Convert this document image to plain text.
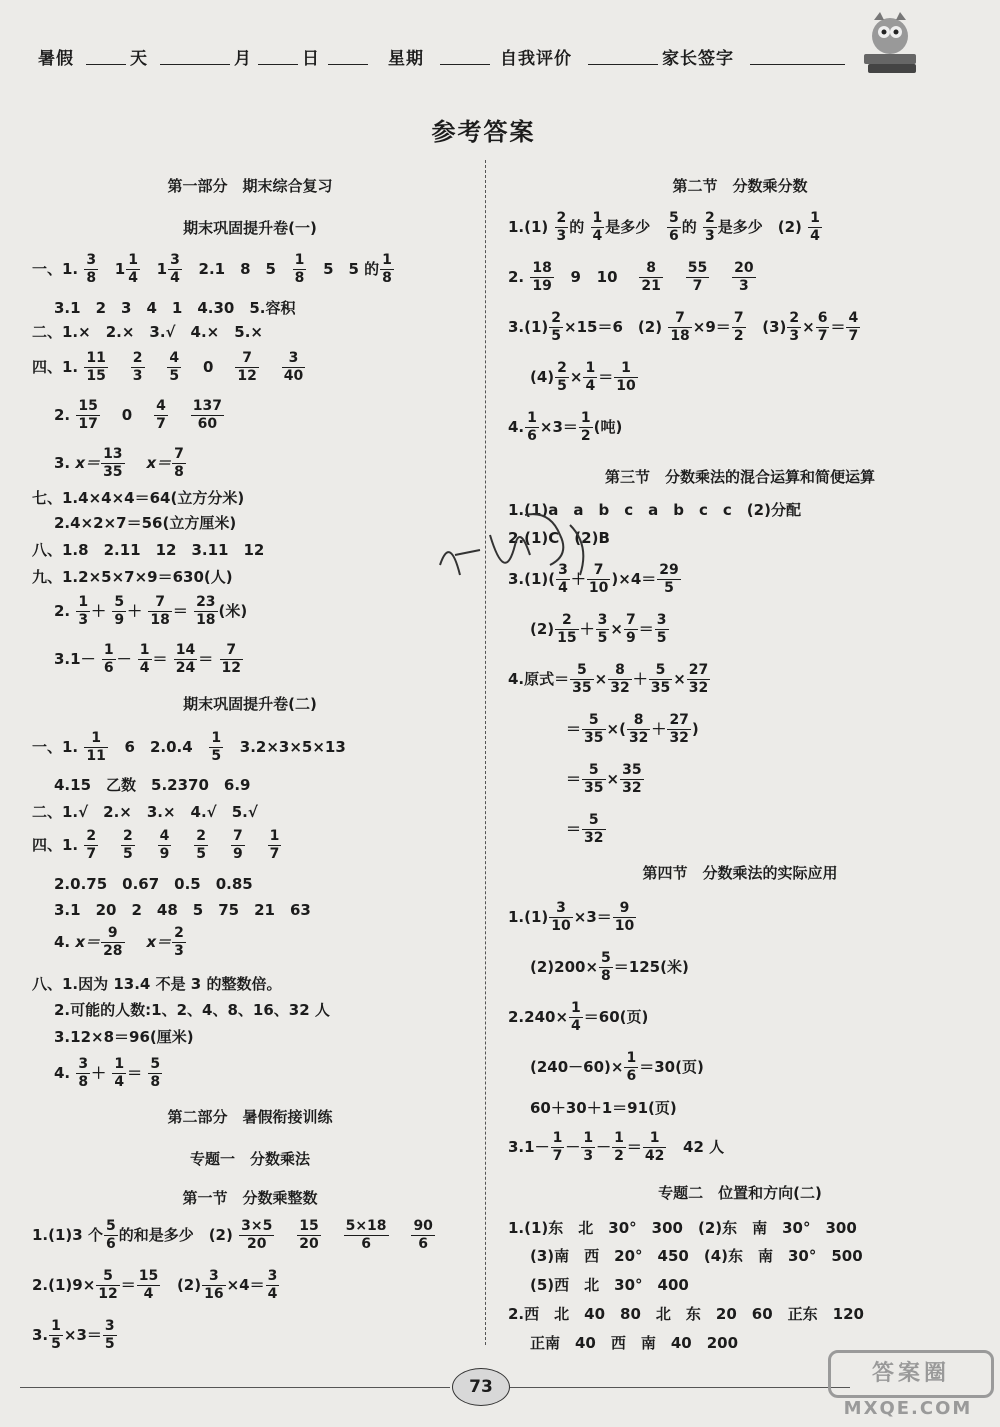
暑假	天	月	日	星期	自我评价	家长签字
参考答案
第一部分　期末综合复习
期末巩固提升卷(一)
一、1. $\frac{3}{8} 1 \frac{1}{4} 1 \frac{3}{4} 2.1$　8　$5 \frac{1}{8} 5$　5 的 $\frac{1}{8}$
3.1　2　3　4　1　4.30　5.容积
二、1.×　2.×　3.√　4.×　5.×
四、1. $\frac{11}{15}$
$\frac{2}{3}$
$\frac{4}{5} 0 \frac{7}{12}$
$\frac{3}{40}$
2. $\frac{15}{17} 0 \frac{4}{7}$
$\frac{137}{60}$
3. $x= \frac{13}{35} x= \frac{7}{8}$
七、1.4×4×4＝64(立方分米)
2.4×2×7＝56(立方厘米)
八、1.8　2.11　12　3.11　12
九、1.2×5×7×9＝630(人)
2. $\frac{1}{3} + \frac{5}{9} + \frac{7}{18} = \frac{23}{18}$ (米)
$3.1- \frac{1}{6} - \frac{1}{4} = \frac{14}{24} = \frac{7}{12}$
期末巩固提升卷(二)
一、1. $\frac{1}{11} 6$　$2.0.4 \frac{1}{5} 3.2\times 3\times 5\times 13$
4.15　乙数　5.2370　6.9
二、1.√　2.×　3.×　4.√　5.√
四、1. $\frac{2}{7}$
$\frac{2}{5}$
$\frac{4}{9}$
$\frac{2}{5}$
$\frac{7}{9}$
$\frac{1}{7}$
2.0.75　0.67　0.5　0.85
3.1　20　2　48　5　75　21　63
4. $x= \frac{9}{28} x= \frac{2}{3}$
八、1.因为 13.4 不是 3 的整数倍。
2.可能的人数:1、2、4、8、16、32 人
3.12×8＝96(厘米)
4. $\frac{3}{8} + \frac{1}{4} = \frac{5}{8}$
第二部分　暑假衔接训练
专题一　分数乘法
第一节　分数乘整数
1.(1)3 个 $\frac{5}{6}$ 的和是多少　$(2) \frac{3\times 5}{20}$
$\frac{15}{20}$
$\frac{5\times 18}{6}$
$\frac{90}{6}$
$2.(1)9\times \frac{5}{12} = \frac{15}{4} (2) \frac{3}{16} \times 4= \frac{3}{4}$
3. $\frac{1}{5} \times 3= \frac{3}{5}$
第二节　分数乘分数
$1.(1) \frac{2}{3}$ 的 $\frac{1}{4}$ 是多少 $\frac{5}{6}$ 的 $\frac{2}{3}$ 是多少　$(2) \frac{1}{4}$
2. $\frac{18}{19} 9$   $10 \frac{8}{21}$
$\frac{55}{7}$
$\frac{20}{3}$
$3.(1) \frac{2}{5} \times 15=6$　$(2) \frac{7}{18} \times 9= \frac{7}{2} (3) \frac{2}{3} \times \frac{6}{7} = \frac{4}{7}$
$(4) \frac{2}{5} \times \frac{1}{4} = \frac{1}{10}$
4. $\frac{1}{6} \times 3= \frac{1}{2}$ (吨)
第三节　分数乘法的混合运算和简便运算
1.(1)a　a　b　c　a　b　c　c　(2)分配
2.(1)C　(2)B
$3.(1)( \frac{3}{4} + \frac{7}{10} )\times 4= \frac{29}{5}$
$(2) \frac{2}{15} + \frac{3}{5} \times \frac{7}{9} = \frac{3}{5}$
4.原式＝ $\frac{5}{35} \times \frac{8}{32} + \frac{5}{35} \times \frac{27}{32}$
＝ $\frac{5}{35}$ ×( $\frac{8}{32} + \frac{27}{32}$ )
＝ $\frac{5}{35} \times \frac{35}{32}$
＝ $\frac{5}{32}$
第四节　分数乘法的实际应用
$1.(1) \frac{3}{10} \times 3= \frac{9}{10}$
$(2)200\times \frac{5}{8} =125$(米)
$2.240\times \frac{1}{4} =60$(页)
$(240-60)\times \frac{1}{6} =30$(页)
60＋30＋1＝91(页)
$3.1- \frac{1}{7} - \frac{1}{3} - \frac{1}{2} = \frac{1}{42} 42$ 人
专题二　位置和方向(二)
1.(1)东　北　30°　300　(2)东　南　30°　300
(3)南　西　20°　450　(4)东　南　30°　500
(5)西　北　30°　400
2.西　北　40　80　北　东　20　60　正东　120
正南　40　西　南　40　200
73
答案圈
MXQE.COM
